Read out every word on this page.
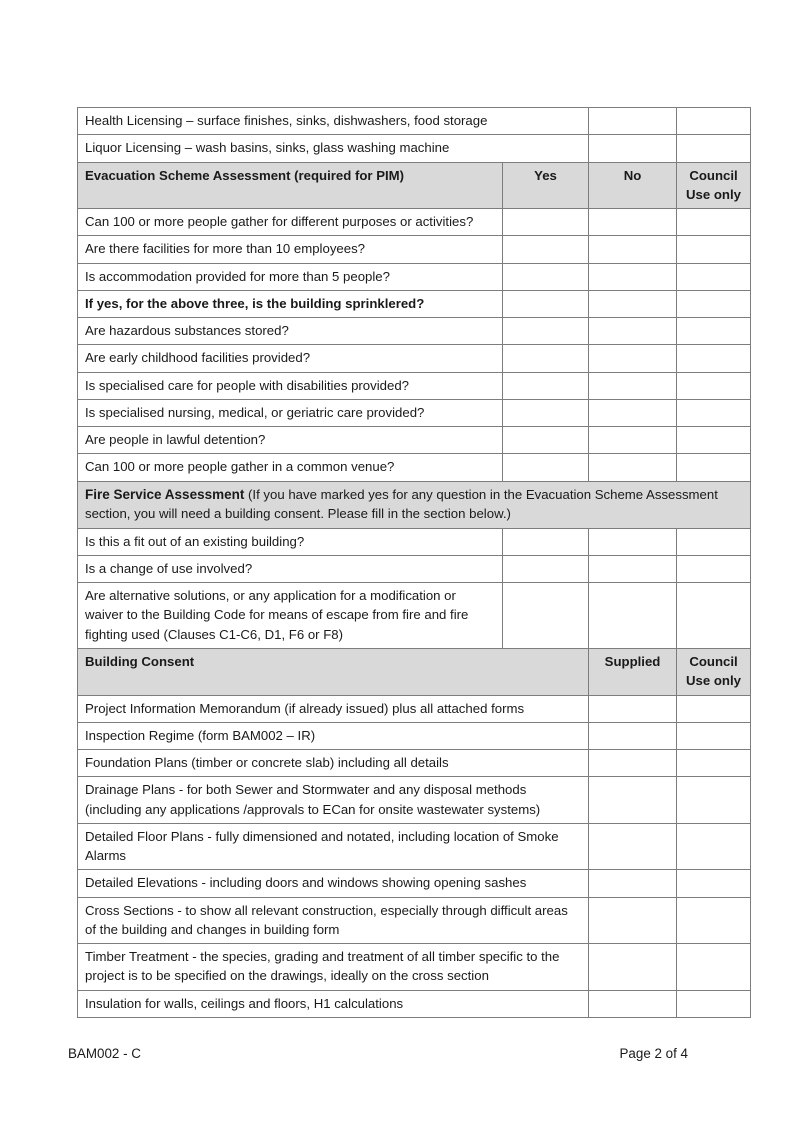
Health Licensing – surface finishes, sinks, dishwashers, food storage			
Liquor Licensing – wash basins, sinks, glass washing machine			
Evacuation Scheme Assessment (required for PIM)	Yes	No	Council
Use only
Can 100 or more people gather for different purposes or activities?			
Are there facilities for more than 10 employees?			
Is accommodation provided for more than 5 people?			
If yes, for the above three, is the building sprinklered?			
Are hazardous substances stored?			
Are early childhood facilities provided?			
Is specialised care for people with disabilities provided?			
Is specialised nursing, medical, or geriatric care provided?			
Are people in lawful detention?			
Can 100 or more people gather in a common venue?			
Fire Service Assessment (If you have marked yes for any question in the Evacuation Scheme Assessment section, you will need a building consent. Please fill in the section below.)			
Is this a fit out of an existing building?			
Is a change of use involved?			
Are alternative solutions, or any application for a modification or waiver to the Building Code for means of escape from fire and fire fighting used (Clauses C1-C6, D1, F6 or F8)			
Building Consent		Supplied	Council
Use only
Project Information Memorandum (if already issued) plus all attached forms			
Inspection Regime (form BAM002 – IR)			
Foundation Plans (timber or concrete slab) including all details			
Drainage Plans - for both Sewer and Stormwater and any disposal methods (including any applications /approvals to ECan for onsite wastewater systems)			
Detailed Floor Plans - fully dimensioned and notated, including location of Smoke Alarms			
Detailed Elevations - including doors and windows showing opening sashes			
Cross Sections - to show all relevant construction, especially through difficult areas of the building and changes in building form			
Timber Treatment - the species, grading and treatment of all timber specific to the project is to be specified on the drawings, ideally on the cross section			
Insulation for walls, ceilings and floors, H1 calculations			
BAM002 - C	Page 2 of 4
